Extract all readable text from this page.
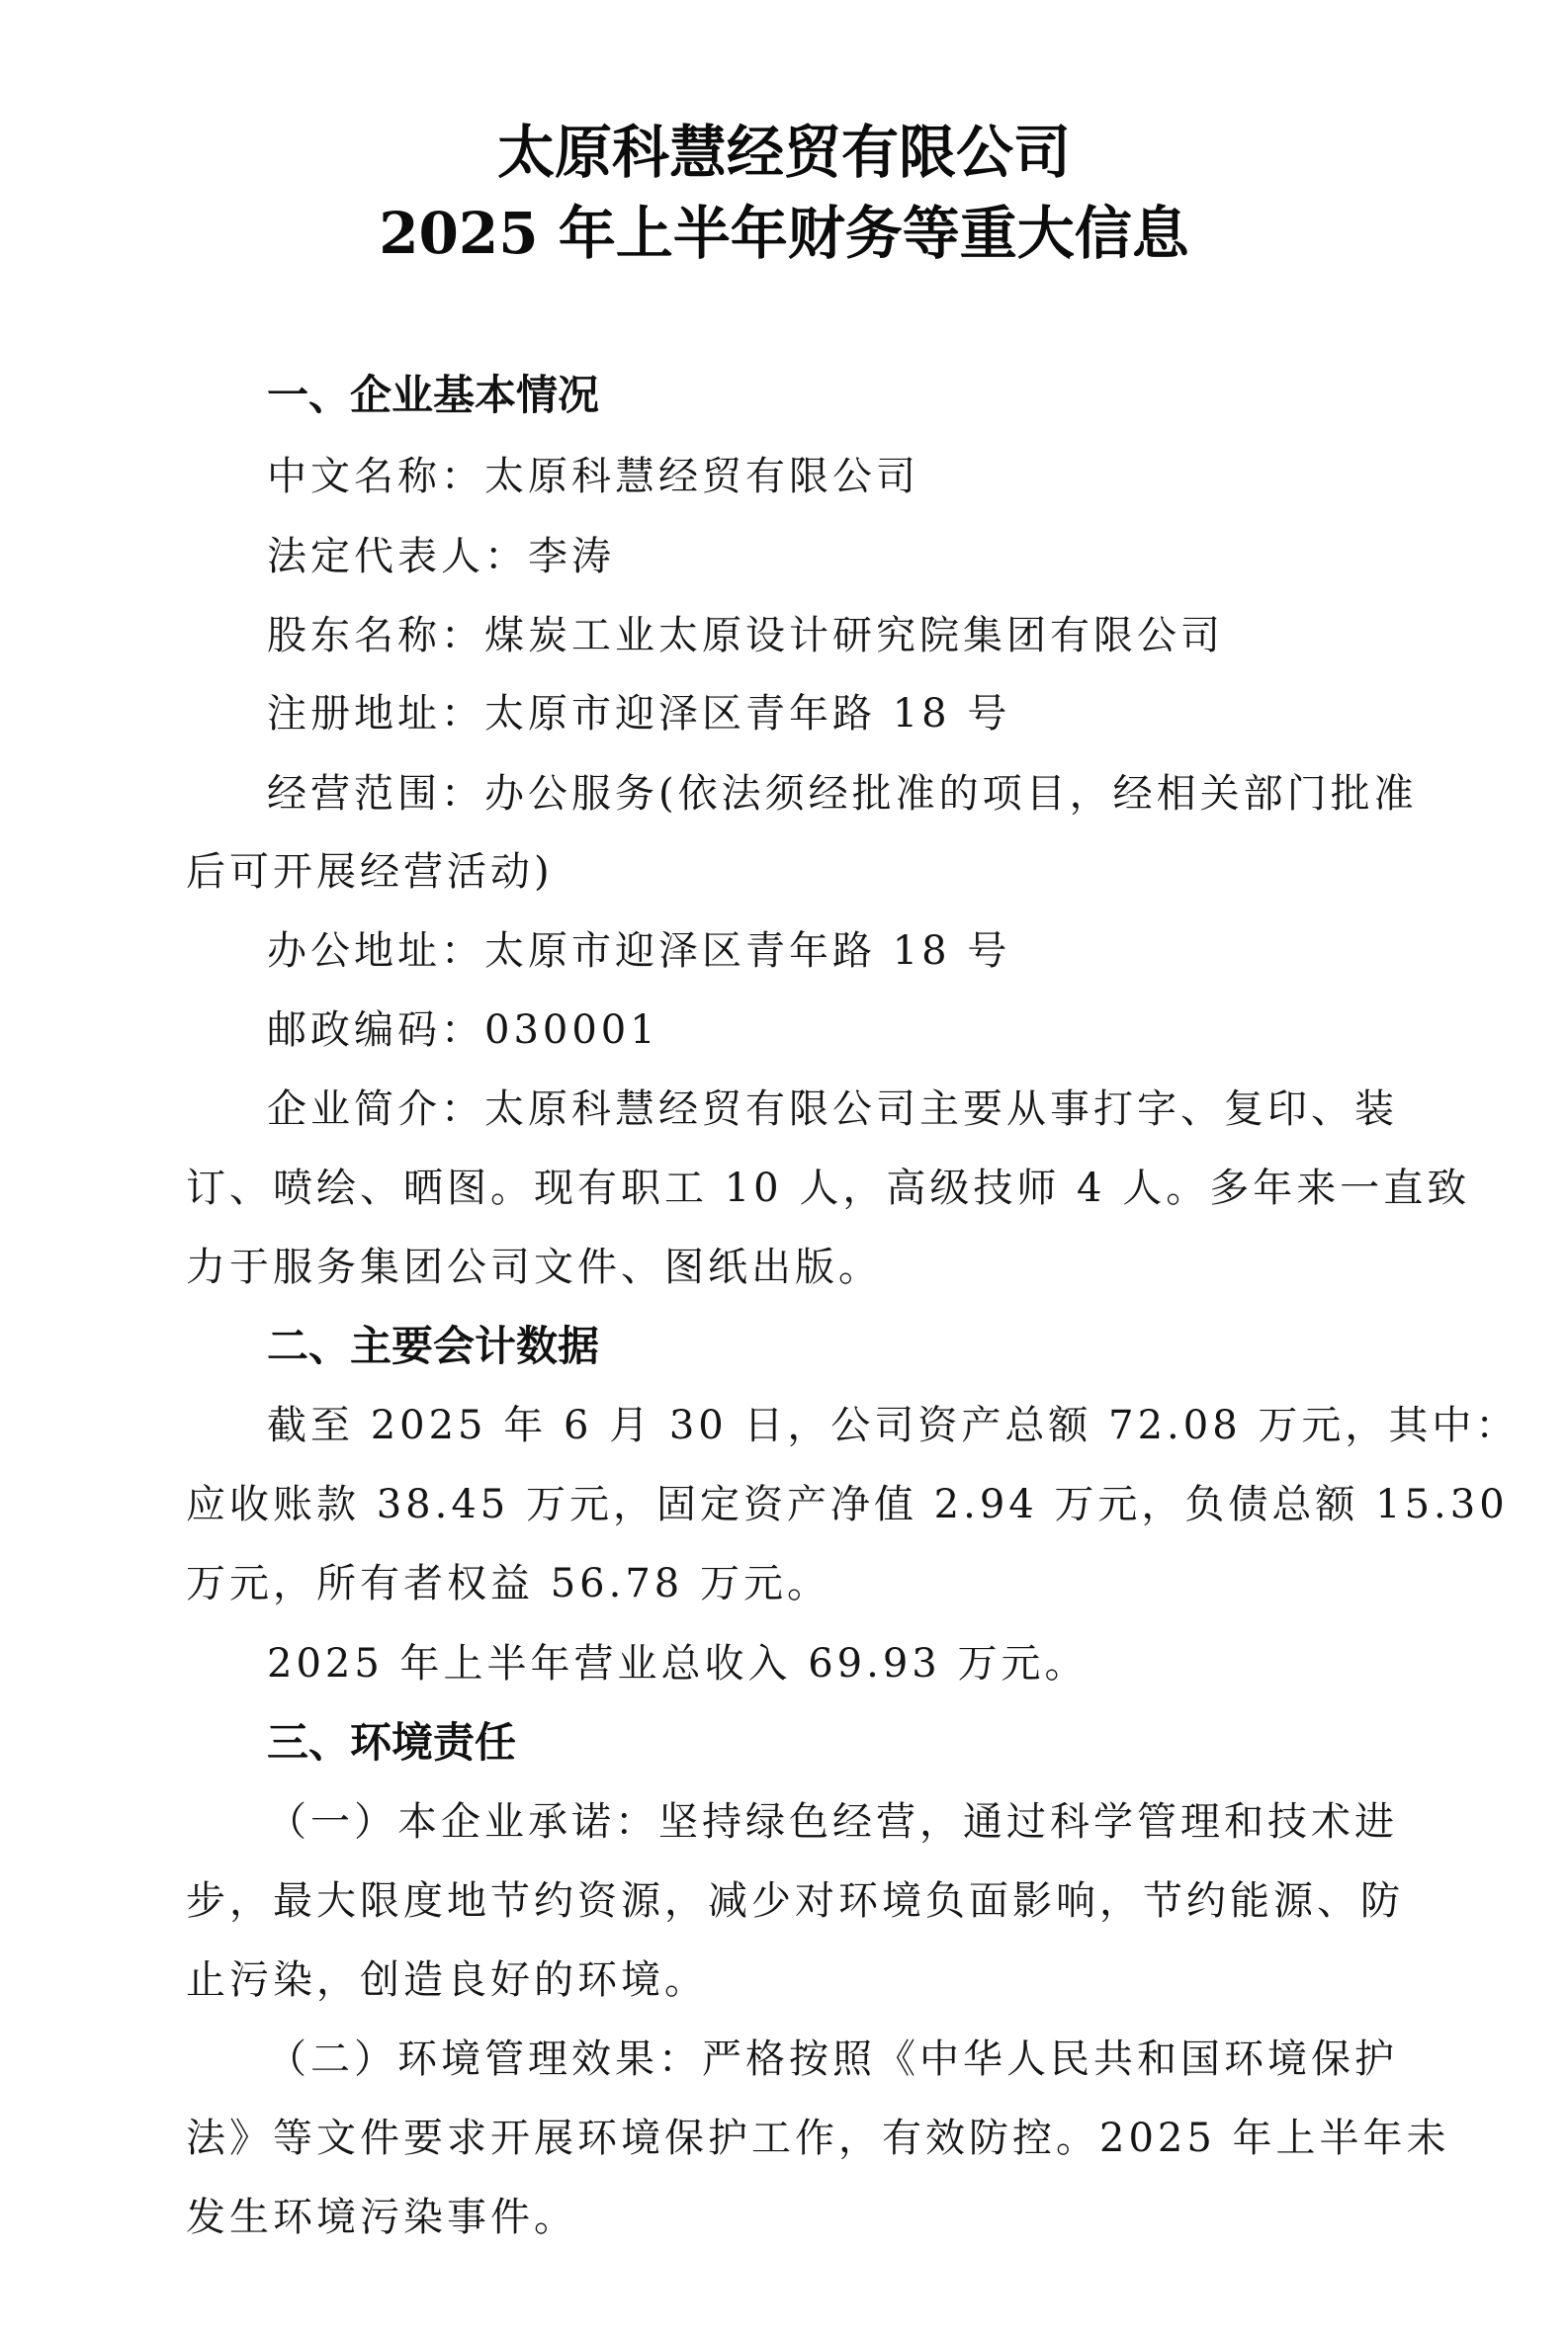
太原科慧经贸有限公司
2025 年上半年财务等重大信息
一、企业基本情况
中文名称：太原科慧经贸有限公司
法定代表人：李涛
股东名称：煤炭工业太原设计研究院集团有限公司
注册地址：太原市迎泽区青年路 18 号
经营范围： 办公服务(依法须经批准的项目，经相关部门批准
后可开展经营活动)
办公地址：太原市迎泽区青年路 18 号
邮政编码：030001
企业简介：太原科慧经贸有限公司主要从事打字、复印、装
订、喷绘、晒图。现有职工 10 人，高级技师 4 人。多年来一直致
力于服务集团公司文件、图纸出版。
二、主要会计数据
截至 2025 年 6 月 30 日，公司资产总额 72.08 万元，其中：
应收账款 38.45 万元，固定资产净值 2.94 万元，负债总额 15.30
万元，所有者权益 56.78 万元。
2025 年上半年营业总收入 69.93 万元。
三、环境责任
（一）本企业承诺：坚持绿色经营，通过科学管理和技术进
步，最大限度地节约资源，减少对环境负面影响，节约能源、防
止污染，创造良好的环境。
（二）环境管理效果：严格按照《中华人民共和国环境保护
法》等文件要求开展环境保护工作，有效防控。2025 年上半年未
发生环境污染事件。
